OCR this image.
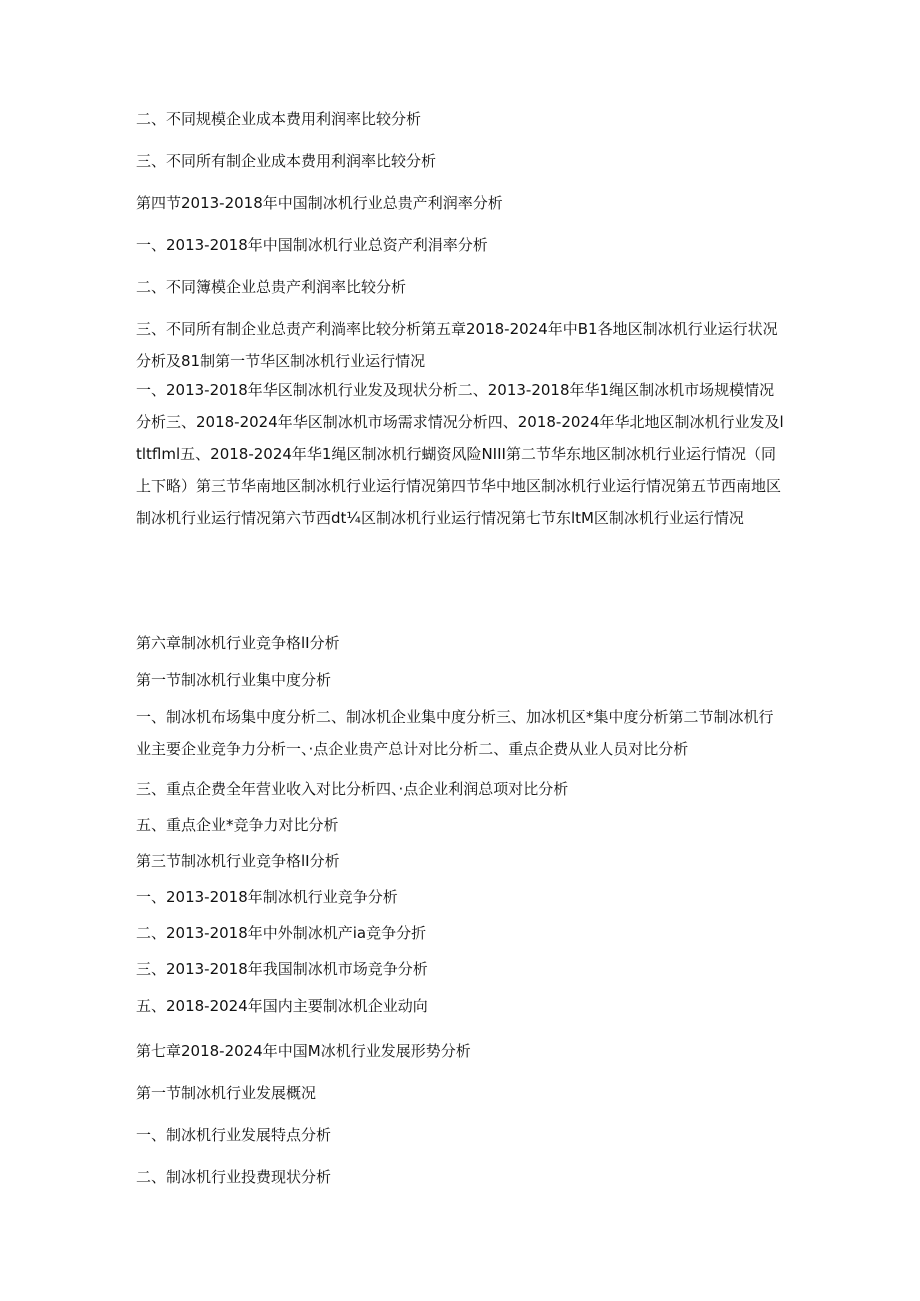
二、不同规模企业成本费用利润率比较分析
三、不同所有制企业成本费用利润率比较分析
第四节2013-2018年中国制冰机行业总贵产利润率分析
一、2013-2018年中国制冰机行业总资产利涓率分析
二、不同簿模企业总贵产利润率比较分析
三、不同所有制企业总责产利淌率比较分析第五章2018-2024年中B1各地区制冰机行业运行状况分析及81制第一节华区制冰机行业运行情况
一、2013-2018年华区制冰机行业发及现状分析二、2013-2018年华1绳区制冰机市场规模情况分析三、2018-2024年华区制冰机市场需求情况分析四、2018-2024年华北地区制冰机行业发及ltltflml五、2018-2024年华1绳区制冰机行蝴资风险NIII第二节华东地区制冰机行业运行情况（同上下略）第三节华南地区制冰机行业运行情况第四节华中地区制冰机行业运行情况第五节西南地区制冰机行业运行情况第六节西dt¼区制冰机行业运行情况第七节东ltM区制冰机行业运行情况
第六章制冰机行业竞争格lI分析
第一节制冰机行业集中度分析
一、制冰机布场集中度分析二、制冰机企业集中度分析三、加冰机区*集中度分析第二节制冰机行业主要企业竞争力分析一、·点企业贵产总计对比分析二、重点企费从业人员对比分析
三、重点企费全年营业收入对比分析四、·点企业利润总项对比分析
五、重点企业*竞争力对比分析
第三节制冰机行业竞争格lI分析
一、2013-2018年制冰机行业竞争分析
二、2013-2018年中外制冰机产ia竞争分折
三、2013-2018年我国制冰机市场竞争分析
五、2018-2024年国内主要制冰机企业动向
第七章2018-2024年中国M冰机行业发展形势分析
第一节制冰机行业发展概况
一、制冰机行业发展特点分析
二、制冰机行业投费现状分析
